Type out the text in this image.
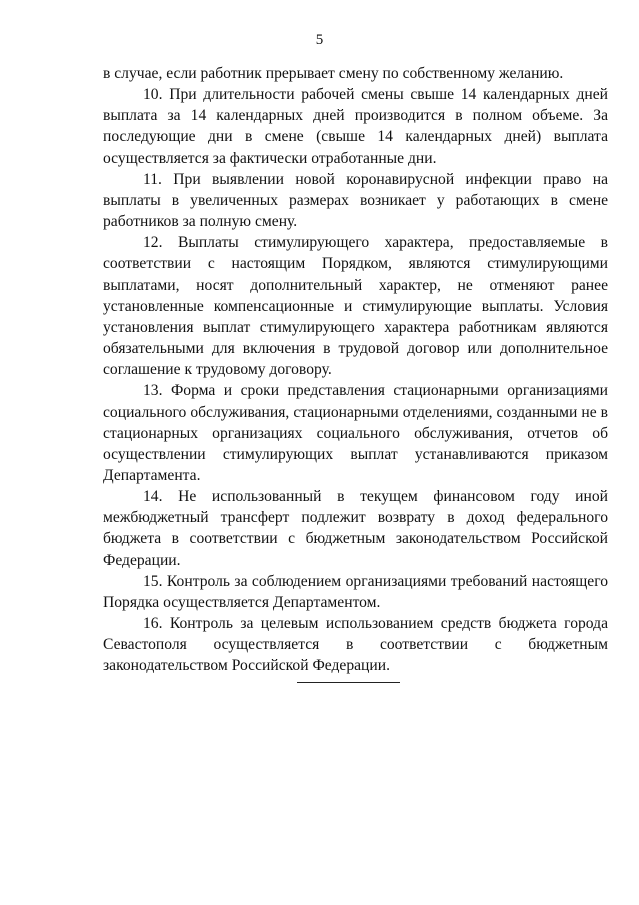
5

в случае, если работник прерывает смену по собственному желанию.

10. При длительности рабочей смены свыше 14 календарных дней выплата за 14 календарных дней производится в полном объеме. За последующие дни в смене (свыше 14 календарных дней) выплата осуществляется за фактически отработанные дни.

11. При выявлении новой коронавирусной инфекции право на выплаты в увеличенных размерах возникает у работающих в смене работников за полную смену.

12. Выплаты стимулирующего характера, предоставляемые в соответствии с настоящим Порядком, являются стимулирующими выплатами, носят дополнительный характер, не отменяют ранее установленные компенсационные и стимулирующие выплаты. Условия установления выплат стимулирующего характера работникам являются обязательными для включения в трудовой договор или дополнительное соглашение к трудовому договору.

13. Форма и сроки представления стационарными организациями социального обслуживания, стационарными отделениями, созданными не в стационарных организациях социального обслуживания, отчетов об осуществлении стимулирующих выплат устанавливаются приказом Департамента.

14. Не использованный в текущем финансовом году иной межбюджетный трансферт подлежит возврату в доход федерального бюджета в соответствии с бюджетным законодательством Российской Федерации.

15. Контроль за соблюдением организациями требований настоящего Порядка осуществляется Департаментом.

16. Контроль за целевым использованием средств бюджета города Севастополя осуществляется в соответствии с бюджетным законодательством Российской Федерации.
